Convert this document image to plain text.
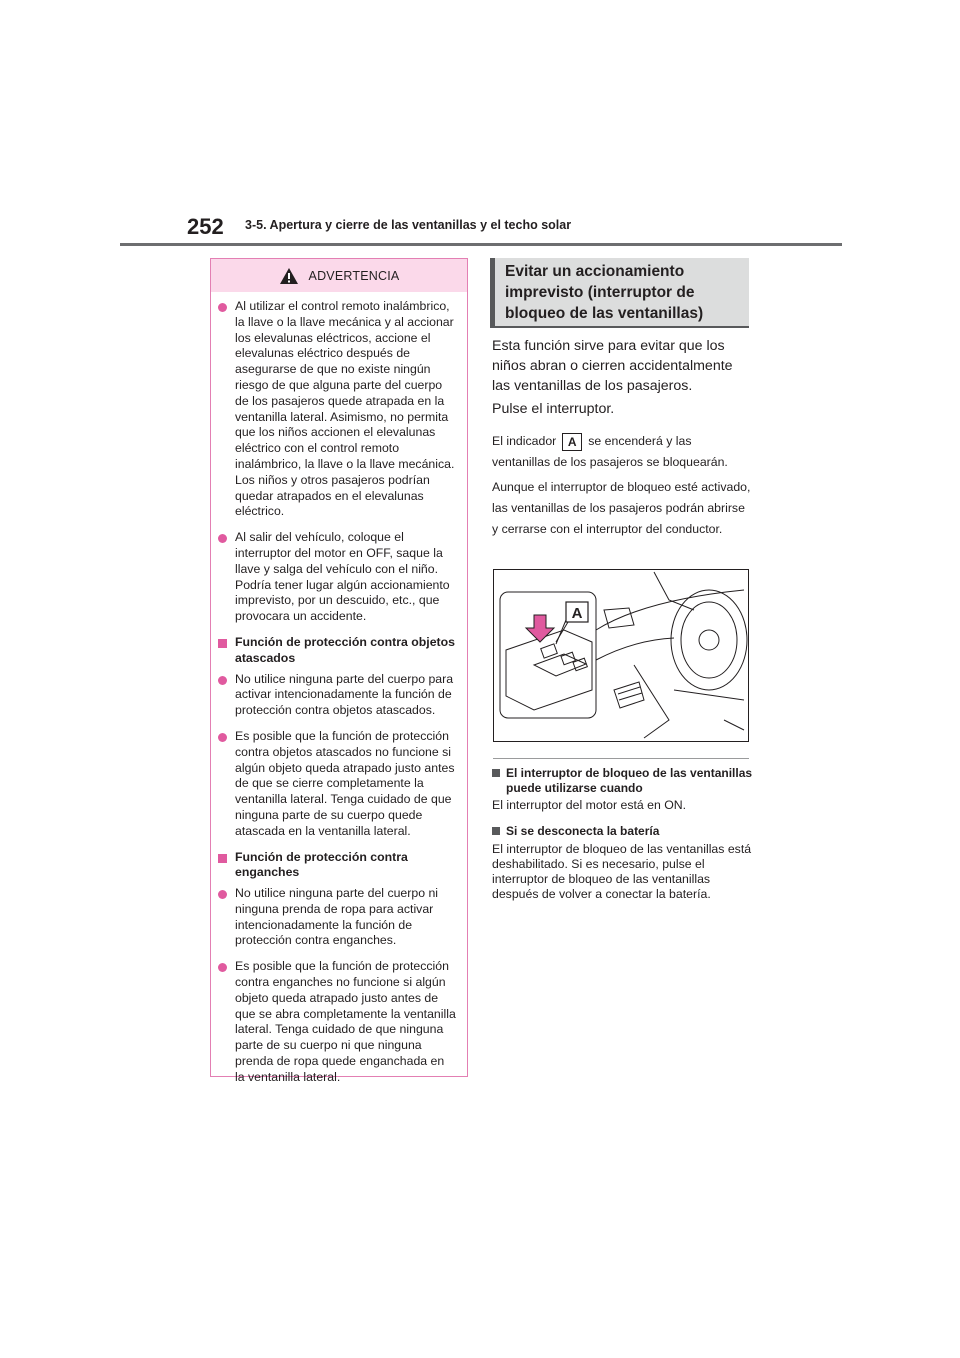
252 3-5. Apertura y cierre de las ventanillas y el techo solar
ADVERTENCIA
Al utilizar el control remoto inalámbrico, la llave o la llave mecánica y al accionar los elevalunas eléctricos, accione el elevalunas eléctrico después de asegurarse de que no existe ningún riesgo de que alguna parte del cuerpo de los pasajeros quede atrapada en la ventanilla lateral. Asimismo, no permita que los niños accionen el elevalunas eléctrico con el control remoto inalámbrico, la llave o la llave mecánica. Los niños y otros pasajeros podrían quedar atrapados en el elevalunas eléctrico.
Al salir del vehículo, coloque el interruptor del motor en OFF, saque la llave y salga del vehículo con el niño. Podría tener lugar algún accionamiento imprevisto, por un descuido, etc., que provocara un accidente.
Función de protección contra objetos atascados
No utilice ninguna parte del cuerpo para activar intencionadamente la función de protección contra objetos atascados.
Es posible que la función de protección contra objetos atascados no funcione si algún objeto queda atrapado justo antes de que se cierre completamente la ventanilla lateral. Tenga cuidado de que ninguna parte de su cuerpo quede atascada en la ventanilla lateral.
Función de protección contra enganches
No utilice ninguna parte del cuerpo ni ninguna prenda de ropa para activar intencionadamente la función de protección contra enganches.
Es posible que la función de protección contra enganches no funcione si algún objeto queda atrapado justo antes de que se abra completamente la ventanilla lateral. Tenga cuidado de que ninguna parte de su cuerpo ni que ninguna prenda de ropa quede enganchada en la ventanilla lateral.
Evitar un accionamiento imprevisto (interruptor de bloqueo de las ventanillas)
Esta función sirve para evitar que los niños abran o cierren accidentalmente las ventanillas de los pasajeros.
Pulse el interruptor.
El indicador A se encenderá y las ventanillas de los pasajeros se bloquearán.
Aunque el interruptor de bloqueo esté activado, las ventanillas de los pasajeros podrán abrirse y cerrarse con el interruptor del conductor.
A
El interruptor de bloqueo de las ventanillas puede utilizarse cuando
El interruptor del motor está en ON.
Si se desconecta la batería
El interruptor de bloqueo de las ventanillas está deshabilitado. Si es necesario, pulse el interruptor de bloqueo de las ventanillas después de volver a conectar la batería.
